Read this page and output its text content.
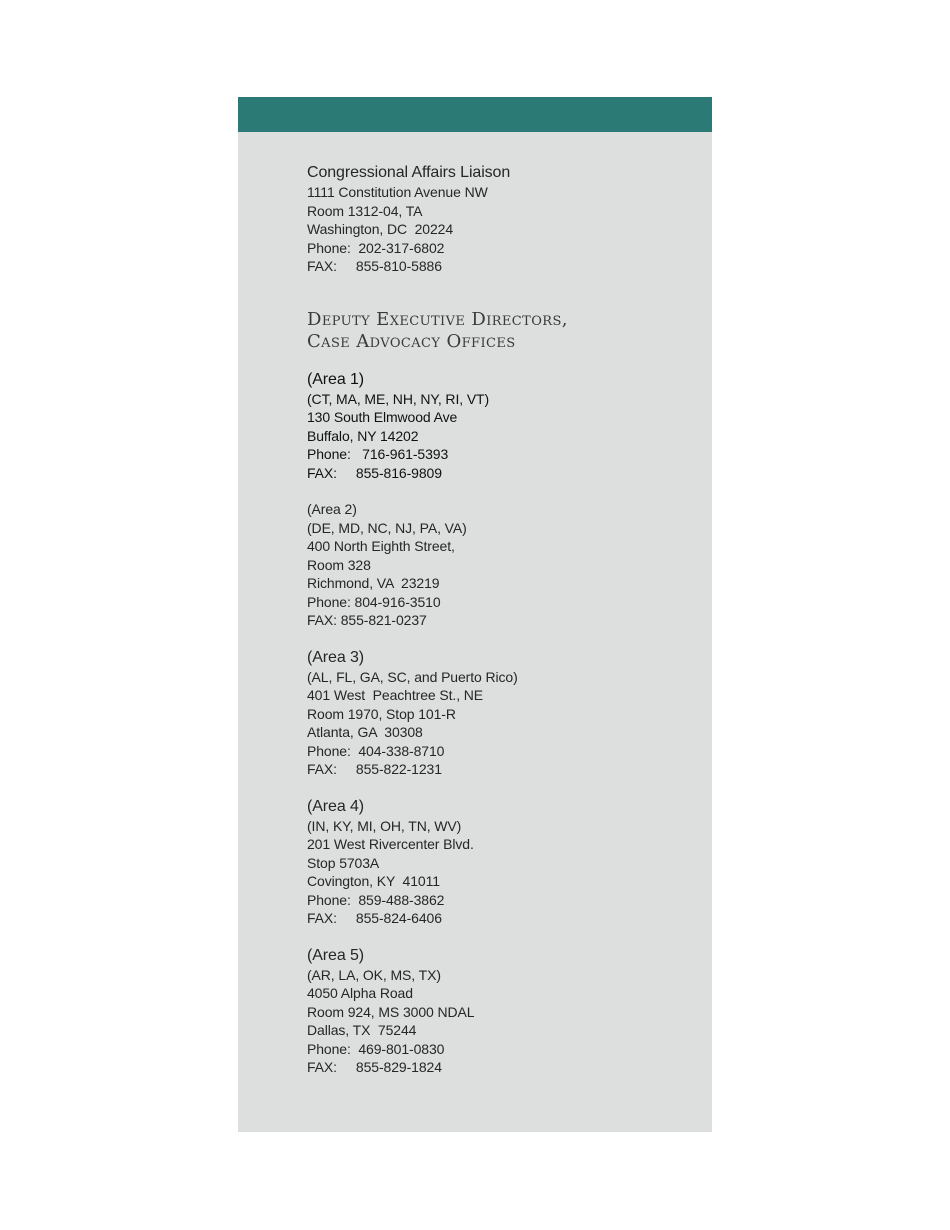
Congressional Affairs Liaison
1111 Constitution Avenue NW
Room 1312-04, TA
Washington, DC  20224
Phone:  202-317-6802
FAX:     855-810-5886
Deputy Executive Directors,
Case Advocacy Offices
(Area 1)
(CT, MA, ME, NH, NY, RI, VT)
130 South Elmwood Ave
Buffalo, NY 14202
Phone:   716-961-5393
FAX:     855-816-9809
(Area 2)
(DE, MD, NC, NJ, PA, VA)
400 North Eighth Street,
Room 328
Richmond, VA  23219
Phone: 804-916-3510
FAX: 855-821-0237
(Area 3)
(AL, FL, GA, SC, and Puerto Rico)
401 West  Peachtree St., NE
Room 1970, Stop 101-R
Atlanta, GA  30308
Phone:  404-338-8710
FAX:     855-822-1231
(Area 4)
(IN, KY, MI, OH, TN, WV)
201 West Rivercenter Blvd.
Stop 5703A
Covington, KY  41011
Phone:  859-488-3862
FAX:     855-824-6406
(Area 5)
(AR, LA, OK, MS, TX)
4050 Alpha Road
Room 924, MS 3000 NDAL
Dallas, TX  75244
Phone:  469-801-0830
FAX:     855-829-1824
